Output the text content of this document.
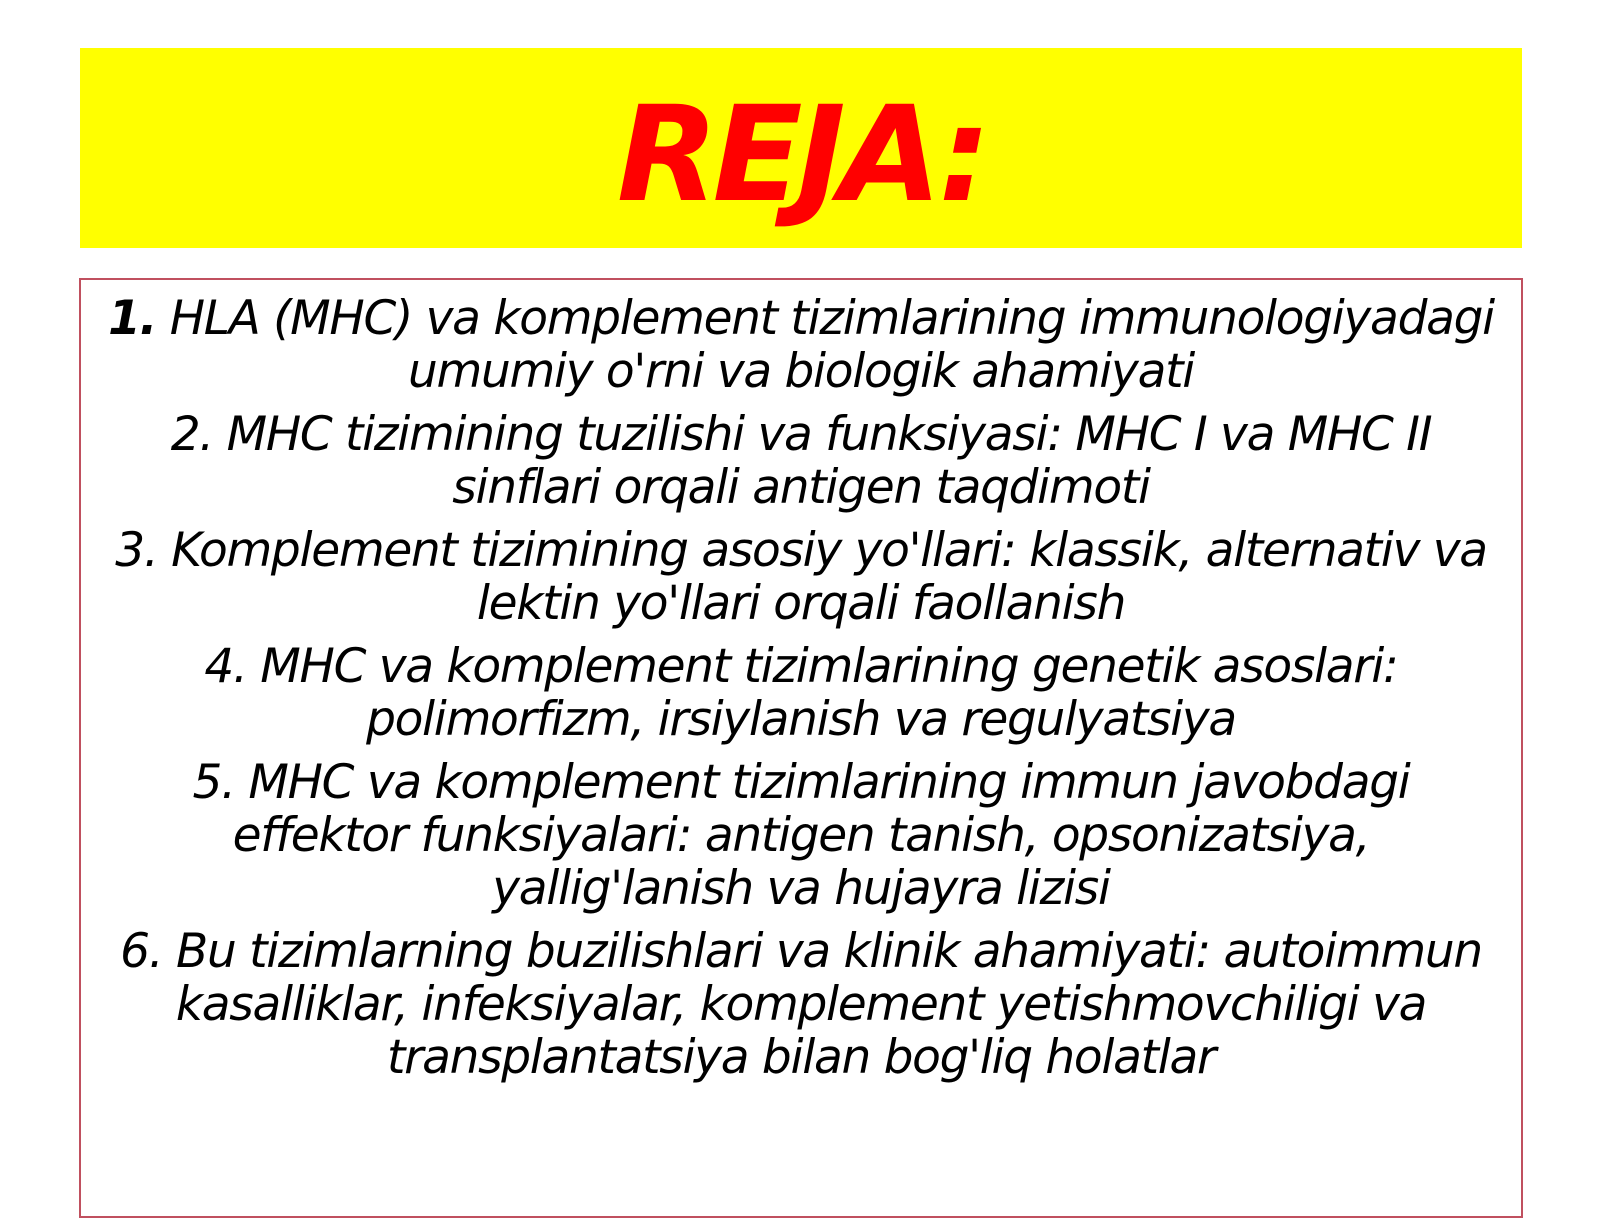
REJA:
1. HLA (MHC) va komplement tizimlarining immunologiyadagi umumiy o'rni va biologik ahamiyati
2. MHC tizimining tuzilishi va funksiyasi: MHC I va MHC II sinflari orqali antigen taqdimoti
3. Komplement tizimining asosiy yo'llari: klassik, alternativ va lektin yo'llari orqali faollanish
4. MHC va komplement tizimlarining genetik asoslari: polimorfizm, irsiylanish va regulyatsiya
5. MHC va komplement tizimlarining immun javobdagi effektor funksiyalari: antigen tanish, opsonizatsiya, yallig'lanish va hujayra lizisi
6. Bu tizimlarning buzilishlari va klinik ahamiyati: autoimmun kasalliklar, infeksiyalar, komplement yetishmovchiligi va transplantatsiya bilan bog'liq holatlar
